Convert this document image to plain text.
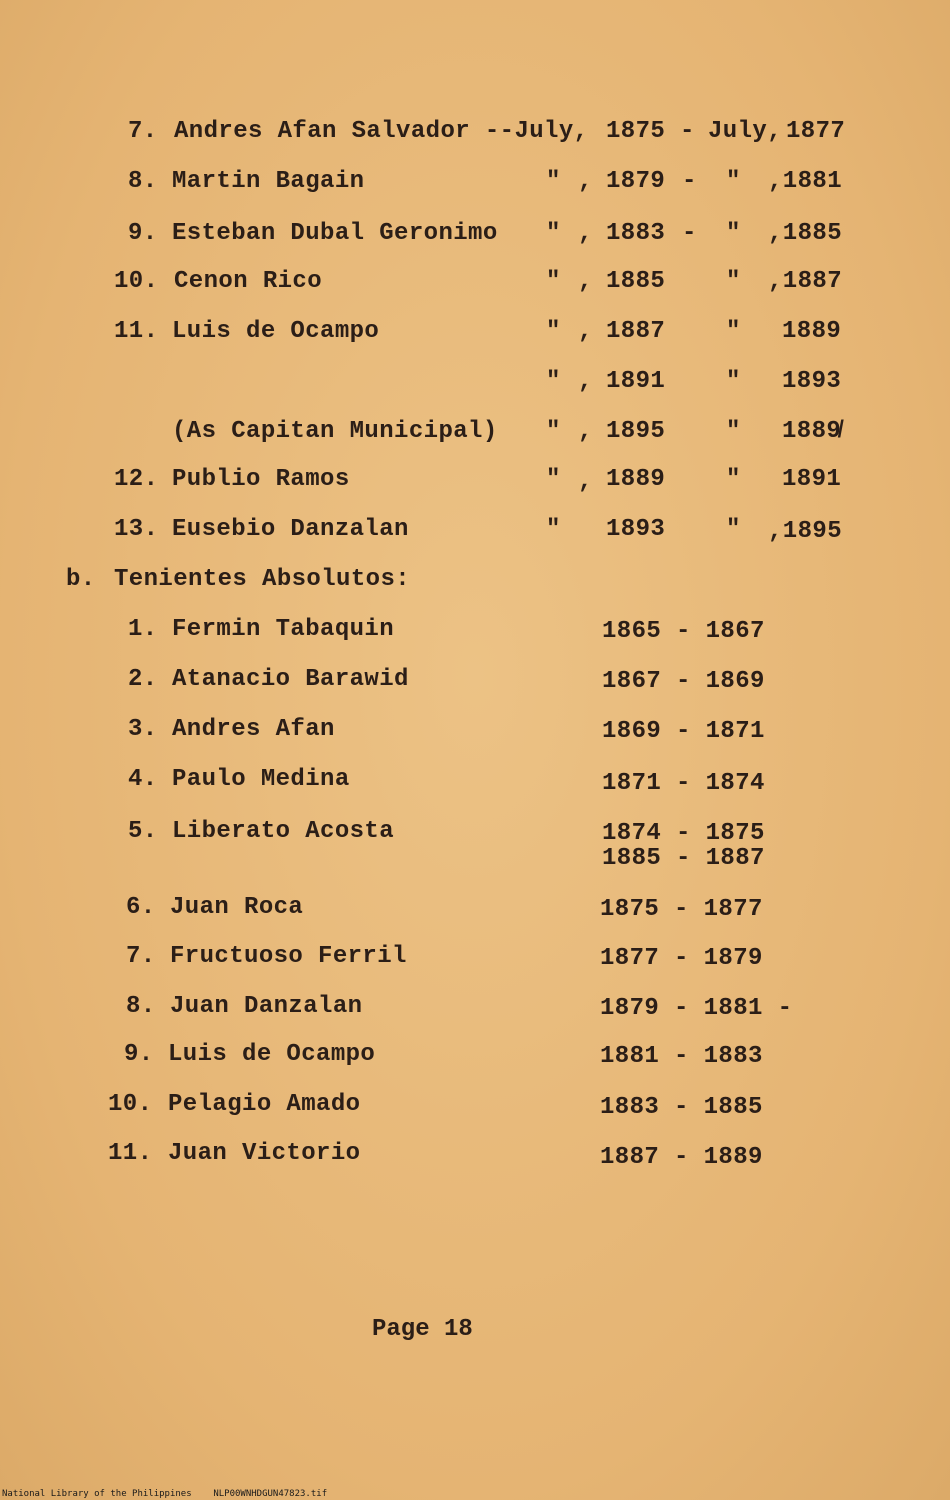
7. Andres Afan Salvador --July, 1875 - July, 1877
8. Martin Bagain	" , 1879 - " ,1881
9. Esteban Dubal Geronimo " , 1883 - " ,1885
10. Cenon Rico	" , 1885	" ,1887
11. Luis de Ocampo	" , 1887	" 1889
" , 1891	" 1893
(As Capitan Municipal) " , 1895	" 1889̸
12. Publio Ramos	" , 1889	" 1891
13. Eusebio Danzalan	" 1893	" ,1895
b. Tenientes Absolutos:
1. Fermin Tabaquin	1865 - 1867
2. Atanacio Barawid	1867 - 1869
3. Andres Afan	1869 - 1871
4. Paulo Medina	1871 - 1874
5. Liberato Acosta	1874 - 1875
1885 - 1887
6. Juan Roca	1875 - 1877
7. Fructuoso Ferril	1877 - 1879
8. Juan Danzalan	1879 - 1881 -
9. Luis de Ocampo	1881 - 1883
10. Pelagio Amado	1883 - 1885
11. Juan Victorio	1887 - 1889
Page 18
National Library of the Philippines    NLP00WNHDGUN47823.tif
